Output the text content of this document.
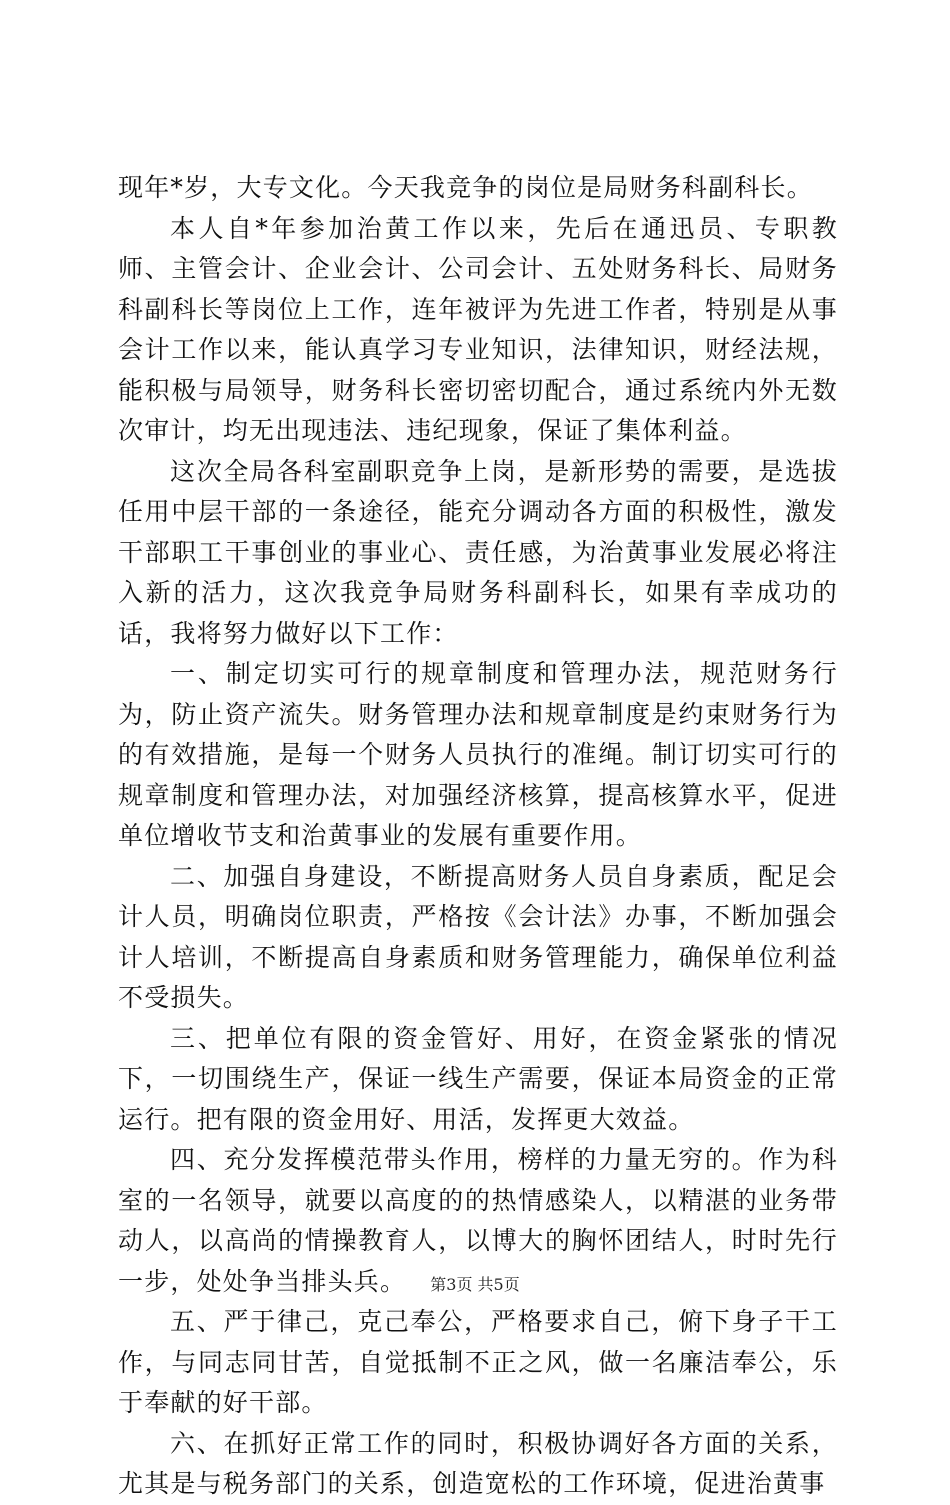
现年*岁，大专文化。今天我竞争的岗位是局财务科副科长。

本人自*年参加治黄工作以来，先后在通迅员、专职教师、主管会计、企业会计、公司会计、五处财务科长、局财务科副科长等岗位上工作，连年被评为先进工作者，特别是从事会计工作以来，能认真学习专业知识，法律知识，财经法规，能积极与局领导，财务科长密切密切配合，通过系统内外无数次审计，均无出现违法、违纪现象，保证了集体利益。

这次全局各科室副职竞争上岗，是新形势的需要，是选拔任用中层干部的一条途径，能充分调动各方面的积极性，激发干部职工干事创业的事业心、责任感，为治黄事业发展必将注入新的活力，这次我竞争局财务科副科长，如果有幸成功的话，我将努力做好以下工作：

一、制定切实可行的规章制度和管理办法，规范财务行为，防止资产流失。财务管理办法和规章制度是约束财务行为的有效措施，是每一个财务人员执行的准绳。制订切实可行的规章制度和管理办法，对加强经济核算，提高核算水平，促进单位增收节支和治黄事业的发展有重要作用。

二、加强自身建设，不断提高财务人员自身素质，配足会计人员，明确岗位职责，严格按《会计法》办事，不断加强会计人培训，不断提高自身素质和财务管理能力，确保单位利益不受损失。

三、把单位有限的资金管好、用好，在资金紧张的情况下，一切围绕生产，保证一线生产需要，保证本局资金的正常运行。把有限的资金用好、用活，发挥更大效益。

四、充分发挥模范带头作用，榜样的力量无穷的。作为科室的一名领导，就要以高度的的热情感染人，以精湛的业务带动人，以高尚的情操教育人，以博大的胸怀团结人，时时先行一步，处处争当排头兵。

五、严于律己，克己奉公，严格要求自己，俯下身子干工作，与同志同甘苦，自觉抵制不正之风，做一名廉洁奉公，乐于奉献的好干部。

六、在抓好正常工作的同时，积极协调好各方面的关系，尤其是与税务部门的关系，创造宽松的工作环境，促进治黄事

第3页 共5页
